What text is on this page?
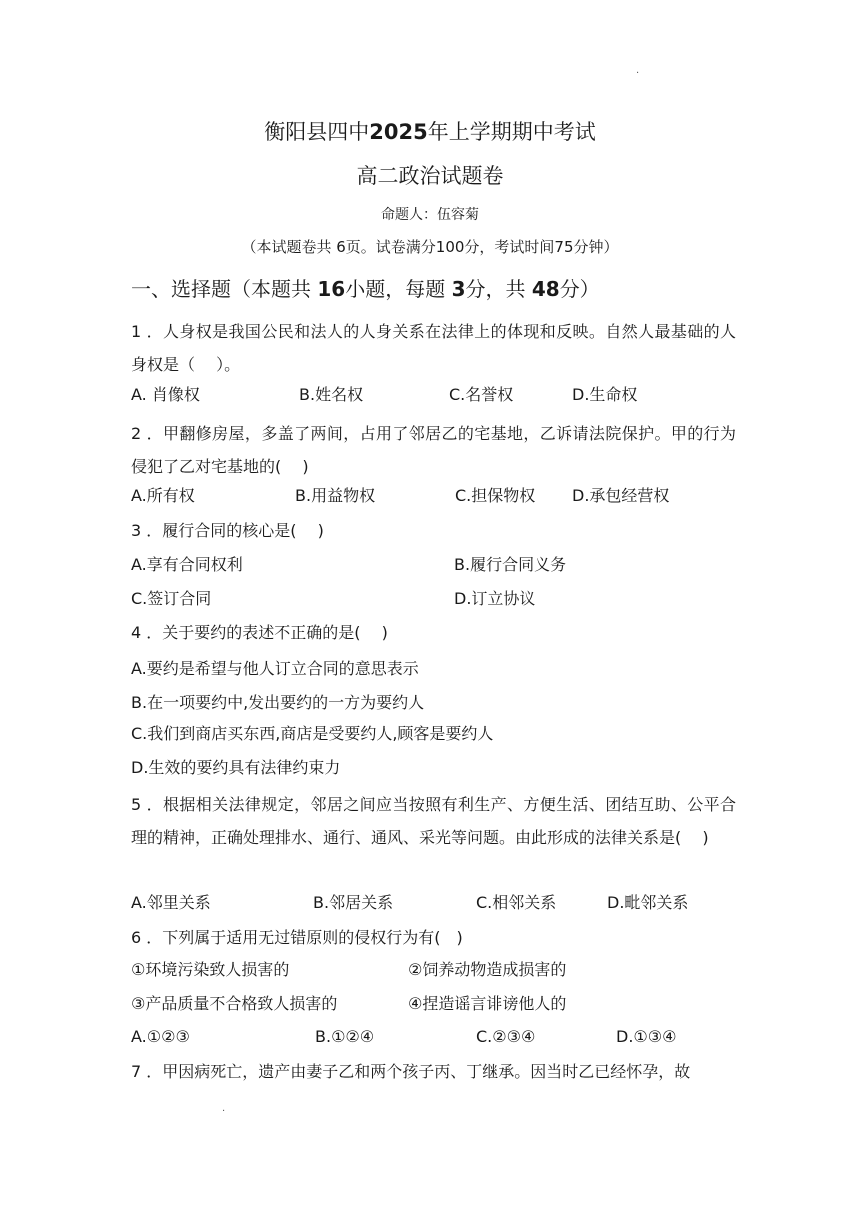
·
衡阳县四中2025年上学期期中考试
高二政治试题卷
命题人：伍容菊
（本试题卷共 6页。试卷满分100分，考试时间75分钟）
一、选择题（本题共 16小题，每题 3分，共 48分）
1 ．人身权是我国公民和法人的人身关系在法律上的体现和反映。自然人最基础的人身权是（　 ）。
A. 肖像权	B.姓名权	C.名誉权	D.生命权
2 ．甲翻修房屋，多盖了两间，占用了邻居乙的宅基地，乙诉请法院保护。甲的行为侵犯了乙对宅基地的(　 )
A.所有权	B.用益物权	C.担保物权 D.承包经营权
3 ．履行合同的核心是(　 )
A.享有合同权利	B.履行合同义务
C.签订合同	D.订立协议
4 ．关于要约的表述不正确的是(　 )
A.要约是希望与他人订立合同的意思表示
B.在一项要约中,发出要约的一方为要约人
C.我们到商店买东西,商店是受要约人,顾客是要约人
D.生效的要约具有法律约束力
5 ．根据相关法律规定，邻居之间应当按照有利生产、方便生活、团结互助、公平合理的精神，正确处理排水、通行、通风、采光等问题。由此形成的法律关系是(　 )
A.邻里关系	B.邻居关系	C.相邻关系	D.毗邻关系
6 ．下列属于适用无过错原则的侵权行为有(　)
①环境污染致人损害的	②饲养动物造成损害的
③产品质量不合格致人损害的	④捏造谣言诽谤他人的
A.①②③	B.①②④	C.②③④	D.①③④
7 ．甲因病死亡，遗产由妻子乙和两个孩子丙、丁继承。因当时乙已经怀孕，故
·
